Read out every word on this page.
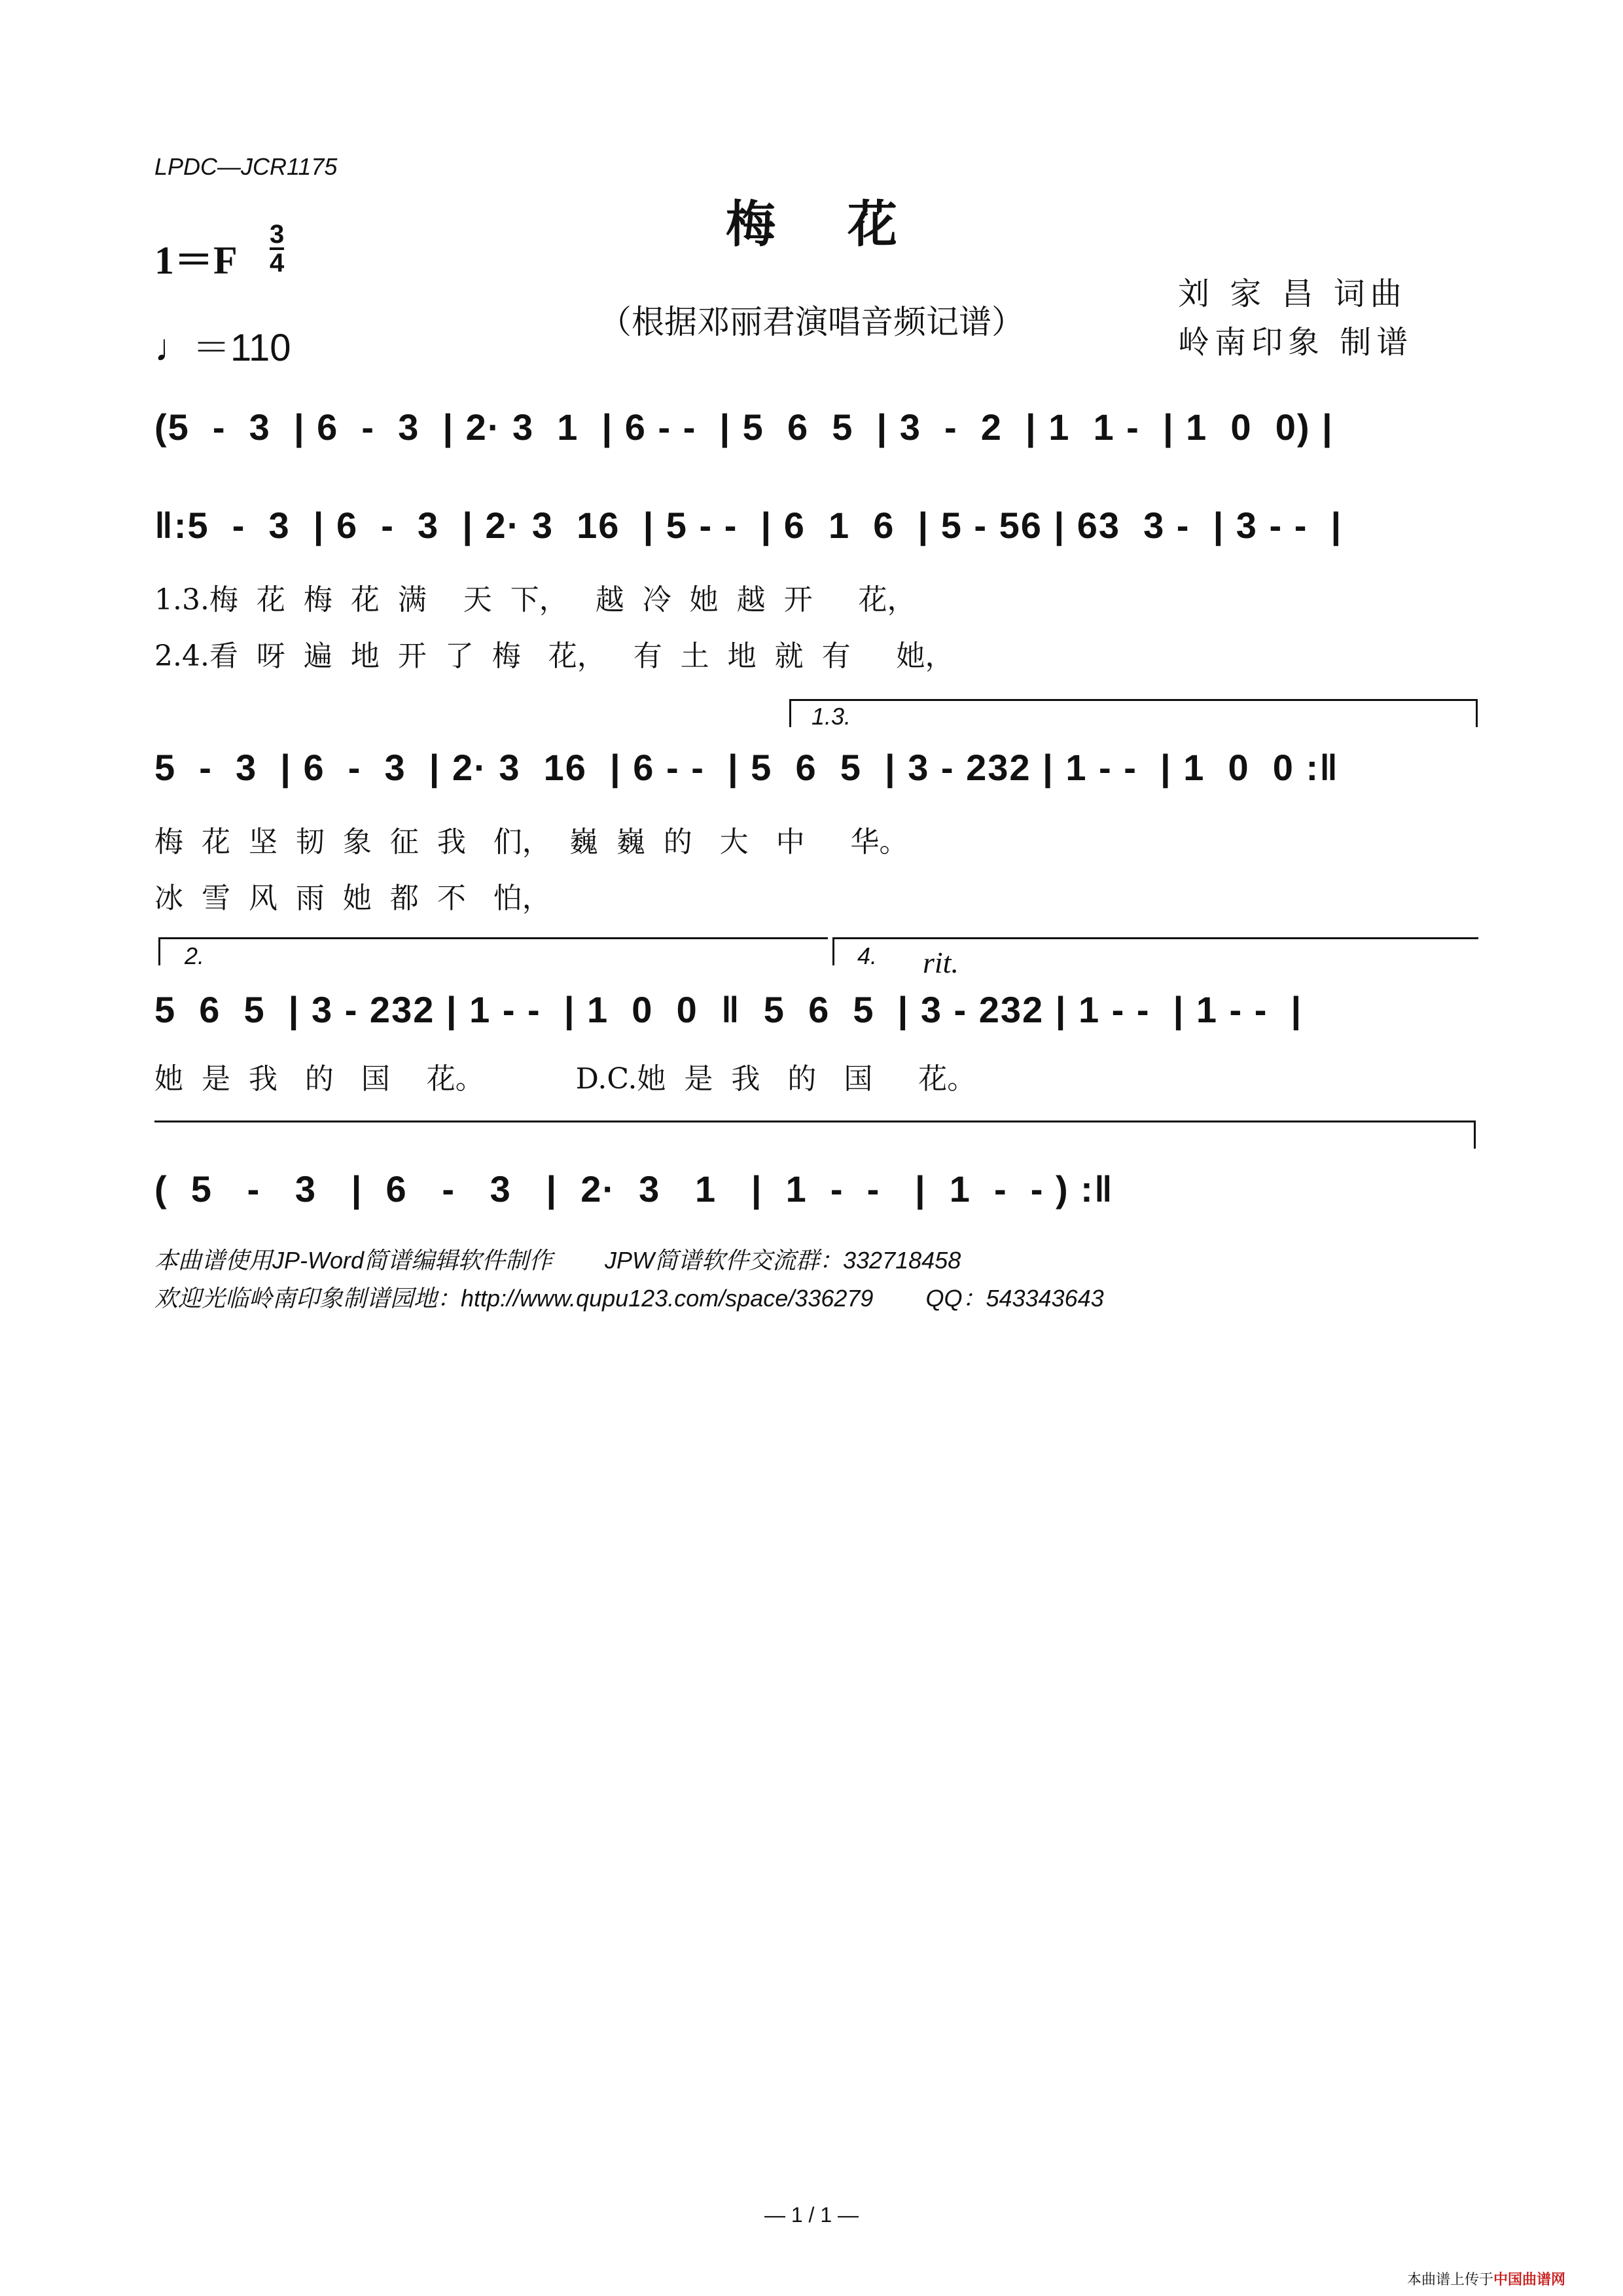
LPDC—JCR1175
梅花
1＝F
3
4
♩＝110
（根据邓丽君演唱音频记谱）
刘 家 昌 词曲
岭南印象 制谱
(5  -  3  | 6  -  3  | 2· 3  1  | 6 - -  | 5  6  5  | 3  -  2  | 1  1 -  | 1  0  0) |
‖:5  -  3  | 6  -  3  | 2· 3  16  | 5 - -  | 6  1  6  | 5 - 56 | 63  3 -  | 3 - -  |
1.3.梅  花  梅  花  满    天  下，   越  冷  她  越  开     花，
2.4.看  呀  遍  地  开  了  梅   花，   有  土  地  就  有     她，
1.3.
5  -  3  | 6  -  3  | 2· 3  16  | 6 - -  | 5  6  5  | 3 - 232 | 1 - -  | 1  0  0 :‖
梅  花  坚  韧  象  征  我   们，  巍  巍  的   大   中     华。
冰  雪  风  雨  她  都  不   怕，
2.	4. rit.
5  6  5  | 3 - 232 | 1 - -  | 1  0  0  ‖  5  6  5  | 3 - 232 | 1 - -  | 1 - -  |
她  是  我   的   国    花。          D.C.她  是  我   的   国     花。
(  5   -   3   |  6   -   3   |  2·  3   1   |  1  -  -   |  1  -  - ) :‖
本曲谱使用JP-Word简谱编辑软件制作        JPW简谱软件交流群：332718458
欢迎光临岭南印象制谱园地：http://www.qupu123.com/space/336279        QQ：543343643
— 1 / 1 —
本曲谱上传于中国曲谱网
